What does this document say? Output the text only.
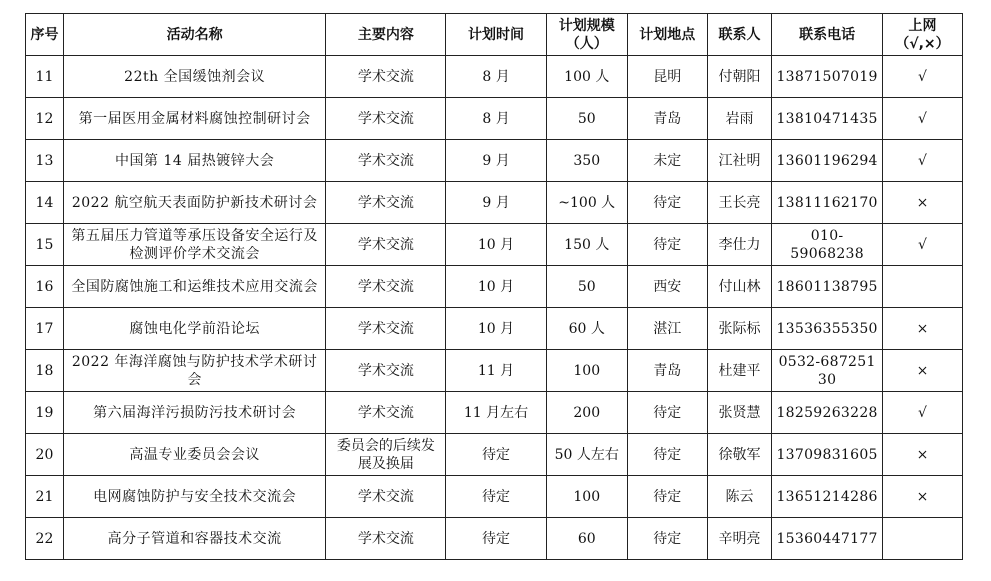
序号	活动名称	主要内容	计划时间	计划规模（人）	计划地点	联系人	联系电话	上网（√,×）
11	22th 全国缓蚀剂会议	学术交流	8 月	100 人	昆明	付朝阳	13871507019	√
12	第一届医用金属材料腐蚀控制研讨会	学术交流	8 月	50	青岛	岩雨	13810471435	√
13	中国第 14 届热镀锌大会	学术交流	9 月	350	未定	江社明	13601196294	√
14	2022 航空航天表面防护新技术研讨会	学术交流	9 月	~100 人	待定	王长亮	13811162170	×
15	第五届压力管道等承压设备安全运行及检测评价学术交流会	学术交流	10 月	150 人	待定	李仕力	010-59068238	√
16	全国防腐蚀施工和运维技术应用交流会	学术交流	10 月	50	西安	付山林	18601138795	
17	腐蚀电化学前沿论坛	学术交流	10 月	60 人	湛江	张际标	13536355350	×
18	2022 年海洋腐蚀与防护技术学术研讨会	学术交流	11 月	100	青岛	杜建平	0532-68725130	×
19	第六届海洋污损防污技术研讨会	学术交流	11 月左右	200	待定	张贤慧	18259263228	√
20	高温专业委员会会议	委员会的后续发展及换届	待定	50 人左右	待定	徐敬军	13709831605	×
21	电网腐蚀防护与安全技术交流会	学术交流	待定	100	待定	陈云	13651214286	×
22	高分子管道和容器技术交流	学术交流	待定	60	待定	辛明亮	15360447177	
